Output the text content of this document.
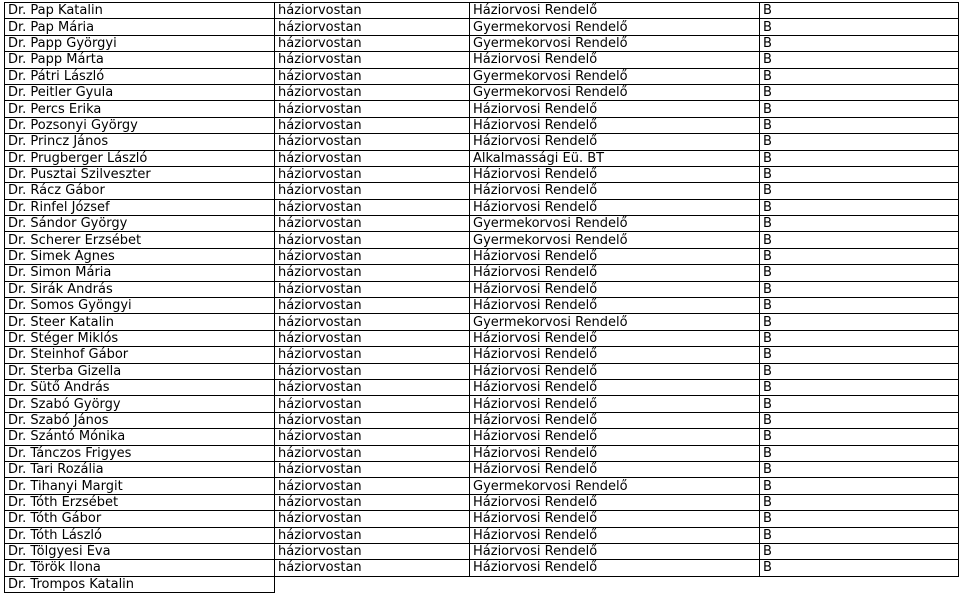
Dr. Pap Katalin	háziorvostan	Háziorvosi Rendelő	B
Dr. Pap Mária	háziorvostan	Gyermekorvosi Rendelő	B
Dr. Papp Györgyi	háziorvostan	Gyermekorvosi Rendelő	B
Dr. Papp Márta	háziorvostan	Háziorvosi Rendelő	B
Dr. Pátri László	háziorvostan	Gyermekorvosi Rendelő	B
Dr. Peitler Gyula	háziorvostan	Gyermekorvosi Rendelő	B
Dr. Percs Erika	háziorvostan	Háziorvosi Rendelő	B
Dr. Pozsonyi György	háziorvostan	Háziorvosi Rendelő	B
Dr. Princz János	háziorvostan	Háziorvosi Rendelő	B
Dr. Prugberger László	háziorvostan	Alkalmassági Eü. BT	B
Dr. Pusztai Szilveszter	háziorvostan	Háziorvosi Rendelő	B
Dr. Rácz Gábor	háziorvostan	Háziorvosi Rendelő	B
Dr. Rinfel József	háziorvostan	Háziorvosi Rendelő	B
Dr. Sándor György	háziorvostan	Gyermekorvosi Rendelő	B
Dr. Scherer Erzsébet	háziorvostan	Gyermekorvosi Rendelő	B
Dr. Simek Ágnes	háziorvostan	Háziorvosi Rendelő	B
Dr. Simon Mária	háziorvostan	Háziorvosi Rendelő	B
Dr. Sirák András	háziorvostan	Háziorvosi Rendelő	B
Dr. Somos Gyöngyi	háziorvostan	Háziorvosi Rendelő	B
Dr. Steer Katalin	háziorvostan	Gyermekorvosi Rendelő	B
Dr. Stéger Miklós	háziorvostan	Háziorvosi Rendelő	B
Dr. Steinhof Gábor	háziorvostan	Háziorvosi Rendelő	B
Dr. Sterba Gizella	háziorvostan	Háziorvosi Rendelő	B
Dr. Sütő András	háziorvostan	Háziorvosi Rendelő	B
Dr. Szabó György	háziorvostan	Háziorvosi Rendelő	B
Dr. Szabó János	háziorvostan	Háziorvosi Rendelő	B
Dr. Szántó Mónika	háziorvostan	Háziorvosi Rendelő	B
Dr. Tánczos Frigyes	háziorvostan	Háziorvosi Rendelő	B
Dr. Tari Rozália	háziorvostan	Háziorvosi Rendelő	B
Dr. Tihanyi Margit	háziorvostan	Gyermekorvosi Rendelő	B
Dr. Tóth Erzsébet	háziorvostan	Háziorvosi Rendelő	B
Dr. Tóth Gábor	háziorvostan	Háziorvosi Rendelő	B
Dr. Tóth László	háziorvostan	Háziorvosi Rendelő	B
Dr. Tölgyesi Éva	háziorvostan	Háziorvosi Rendelő	B
Dr. Török Ilona	háziorvostan	Háziorvosi Rendelő	B
Dr. Trompos Katalin			
